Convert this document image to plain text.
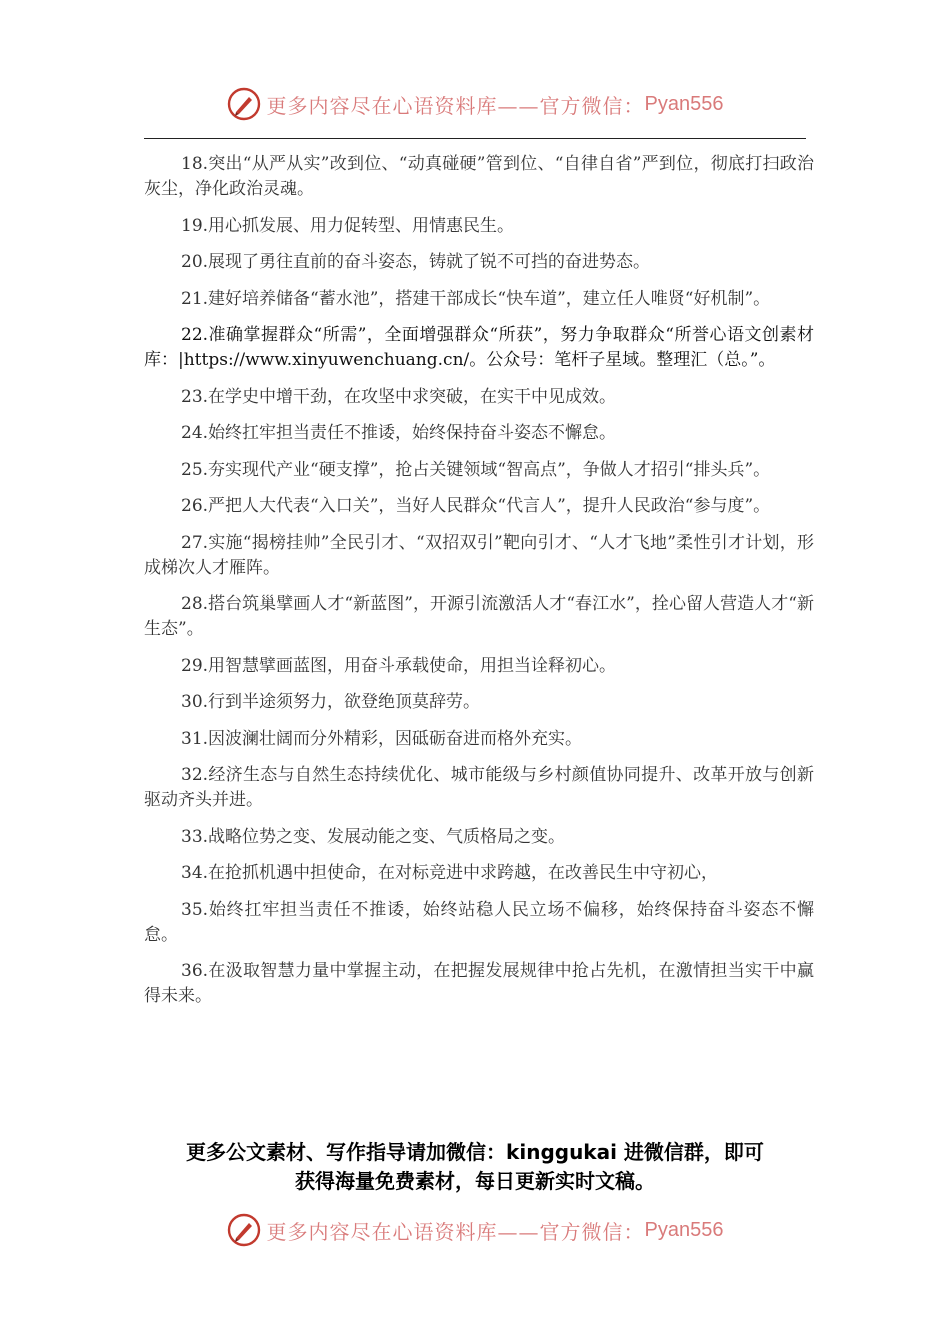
更多内容尽在心语资料库——官方微信： Pyan556

18.突出“从严从实”改到位、“动真碰硬”管到位、“自律自省”严到位，彻底打扫政治灰尘，净化政治灵魂。

19.用心抓发展、用力促转型、用情惠民生。

20.展现了勇往直前的奋斗姿态，铸就了锐不可挡的奋进势态。

21.建好培养储备“蓄水池”，搭建干部成长“快车道”，建立任人唯贤“好机制”。

22.准确掌握群众“所需”，全面增强群众“所获”，努力争取群众“所誉心语文创素材库：|https://www.xinyuwenchuang.cn/。公众号：笔杆子星域。整理汇（总。”。

23.在学史中增干劲，在攻坚中求突破，在实干中见成效。

24.始终扛牢担当责任不推诿，始终保持奋斗姿态不懈怠。

25.夯实现代产业“硬支撑”，抢占关键领域“智高点”，争做人才招引“排头兵”。

26.严把人大代表“入口关”，当好人民群众“代言人”，提升人民政治“参与度”。

27.实施“揭榜挂帅”全民引才、“双招双引”靶向引才、“人才飞地”柔性引才计划，形成梯次人才雁阵。

28.搭台筑巢擘画人才“新蓝图”，开源引流激活人才“春江水”，拴心留人营造人才“新生态”。

29.用智慧擘画蓝图，用奋斗承载使命，用担当诠释初心。

30.行到半途须努力，欲登绝顶莫辞劳。

31.因波澜壮阔而分外精彩，因砥砺奋进而格外充实。

32.经济生态与自然生态持续优化、城市能级与乡村颜值协同提升、改革开放与创新驱动齐头并进。

33.战略位势之变、发展动能之变、气质格局之变。

34.在抢抓机遇中担使命，在对标竞进中求跨越，在改善民生中守初心，

35.始终扛牢担当责任不推诿，始终站稳人民立场不偏移，始终保持奋斗姿态不懈怠。

36.在汲取智慧力量中掌握主动，在把握发展规律中抢占先机，在激情担当实干中赢得未来。

更多公文素材、写作指导请加微信：kinggukai 进微信群，即可
获得海量免费素材，每日更新实时文稿。
更多内容尽在心语资料库——官方微信： Pyan556
